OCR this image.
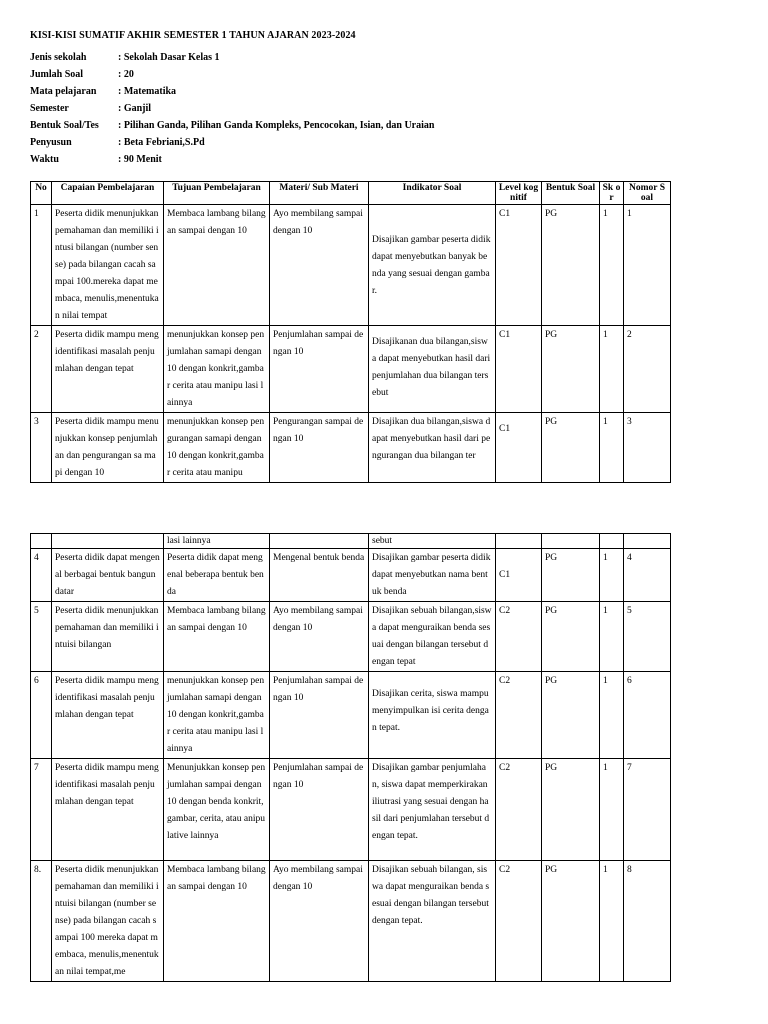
KISI-KISI SUMATIF AKHIR SEMESTER 1 TAHUN AJARAN 2023-2024
Jenis sekolah	: Sekolah Dasar Kelas 1
Jumlah Soal	: 20
Mata pelajaran	: Matematika
Semester	: Ganjil
Bentuk Soal/Tes	: Pilihan Ganda, Pilihan Ganda Kompleks, Pencocokan, Isian, dan Uraian
Penyusun	: Beta Febriani,S.Pd
Waktu	: 90 Menit
No	Capaian Pembelajaran	Tujuan Pembelajaran	Materi/ Sub Materi	Indikator Soal	Level kog nitif	Bentuk Soal	Sk or	Nomor S oal
1	Peserta didik menunjukkan pemahaman dan memiliki intusi bilangan (number sense) pada bilangan cacah sampai 100.mereka dapat membaca, menulis,menentukan nilai tempat	Membaca lambang bilangan sampai dengan 10	Ayo membilang sampai dengan 10	Disajikan gambar peserta didik dapat menyebutkan banyak benda yang sesuai dengan gambar.	C1	PG	1	1
2	Peserta didik mampu mengidentifikasi masalah penjumlahan dengan tepat	menunjukkan konsep penjumlahan samapi dengan 10 dengan konkrit,gambar cerita atau manipu lasi lainnya	Penjumlahan sampai dengan 10	Disajikanan dua bilangan,siswa dapat menyebutkan hasil dari penjumlahan dua bilangan tersebut	C1	PG	1	2
3	Peserta didik mampu menunjukkan konsep penjumlahan dan pengurangan sa mapi dengan 10	menunjukkan konsep pengurangan samapi dengan 10 dengan konkrit,gambar cerita atau manipu	Pengurangan sampai dengan 10	Disajikan dua bilangan,siswa dapat menyebutkan hasil dari pengurangan dua bilangan ter	C1	PG	1	3
		lasi lainnya		sebut				
4	Peserta didik dapat mengenal berbagai bentuk bangun datar	Peserta didik dapat mengenal beberapa bentuk benda	Mengenal bentuk benda	Disajikan gambar peserta didik dapat menyebutkan nama bentuk benda	C1	PG	1	4
5	Peserta didik menunjukkan pemahaman dan memiliki intuisi bilangan	Membaca lambang bilangan sampai dengan 10	Ayo membilang sampai dengan 10	Disajikan sebuah bilangan,siswa dapat menguraikan benda sesuai dengan bilangan tersebut dengan tepat	C2	PG	1	5
6	Peserta didik mampu mengidentifikasi masalah penjumlahan dengan tepat	menunjukkan konsep penjumlahan samapi dengan 10 dengan konkrit,gambar cerita atau manipu lasi lainnya	Penjumlahan sampai dengan 10	Disajikan cerita, siswa mampu menyimpulkan isi cerita dengan tepat.	C2	PG	1	6
7	Peserta didik mampu mengidentifikasi masalah penjumlahan dengan tepat	Menunjukkan konsep penjumlahan sampai dengan 10 dengan benda konkrit, gambar, cerita, atau anipulative lainnya	Penjumlahan sampai dengan 10	Disajikan gambar penjumlahan, siswa dapat memperkirakan iliutrasi yang sesuai dengan hasil dari penjumlahan tersebut dengan tepat.	C2	PG	1	7
8.	Peserta didik menunjukkan pemahaman dan memiliki intuisi bilangan (number sense) pada bilangan cacah sampai 100 mereka dapat membaca, menulis,menentukan nilai tempat,me	Membaca lambang bilangan sampai dengan 10	Ayo membilang sampai dengan 10	Disajikan sebuah bilangan, siswa dapat menguraikan benda sesuai dengan bilangan tersebut dengan tepat.	C2	PG	1	8
